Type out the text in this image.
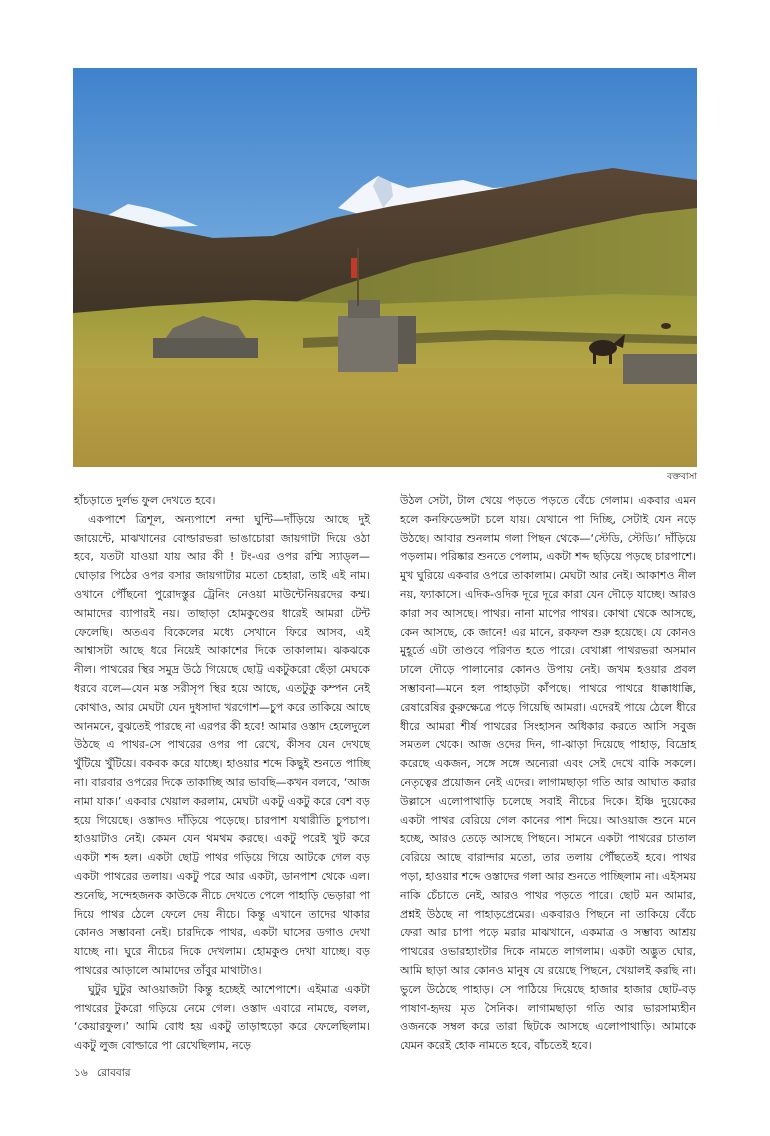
বক্তবাসা

হাঁচড়াতে দুর্লভ ফুল দেখতে হবে।

একপাশে ত্রিশূল, অন্যপাশে নন্দা ঘুন্টি—দাঁড়িয়ে আছে দুই জায়েন্টে, মাঝখানের বোল্ডারভরা ভাঙাচোরা জায়গাটা দিয়ে ওঠা হবে, যতটা যাওয়া যায় আর কী ! টং-এর ওপর রশ্মি স্যাড্‌ল—ঘোড়ার পিঠের ওপর বসার জায়গাটার মতো চেহারা, তাই এই নাম। ওখানে পৌঁছনো পুরোদস্তুর ট্রেনিং নেওয়া মাউন্টেনিয়রদের কম্ম। আমাদের ব্যাপারই নয়। তাছাড়া হোমকুণ্ডের ধারেই আমরা টেন্ট ফেলেছি। অতএব বিকেলের মধ্যে সেখানে ফিরে আসব, এই আশ্বাসটা আছে ধরে নিয়েই আকাশের দিকে তাকালাম। ঝকঝকে নীল। পাথরের স্থির সমুদ্র উঠে গিয়েছে ছোট্ট একটুকরো ছেঁড়া মেঘকে ধরবে বলে—যেন মস্ত সরীসৃপ স্থির হয়ে আছে, এতটুকু কম্পন নেই কোথাও, আর মেঘটা যেন দুধসাদা খরগোশ—চুপ করে তাকিয়ে আছে আনমনে, বুঝতেই পারছে না এরপর কী হবে! আমার ওস্তাদ হেলেদুলে উঠছে এ পাথর-সে পাথরের ওপর পা রেখে, কীসব যেন দেখছে খুঁটিয়ে খুঁটিয়ে। বকবক করে যাচ্ছে। হাওয়ার শব্দে কিছুই শুনতে পাচ্ছি না। বারবার ওপরের দিকে তাকাচ্ছি আর ভাবছি—কখন বলবে, ‘আজ নামা যাক।’ একবার খেয়াল করলাম, মেঘটা একটু একটু করে বেশ বড় হয়ে গিয়েছে। ওস্তাদও দাঁড়িয়ে পড়েছে। চারপাশ যথারীতি চুপচাপ। হাওয়াটাও নেই। কেমন যেন থমথম করছে। একটু পরেই খুট করে একটা শব্দ হল। একটা ছোট্ট পাথর গড়িয়ে গিয়ে আটকে গেল বড় একটা পাথরের তলায়। একটু পরে আর একটা, ডানপাশ থেকে এল। শুনেছি, সন্দেহজনক কাউকে নীচে দেখতে পেলে পাহাড়ি ভেড়ারা পা দিয়ে পাথর ঠেলে ফেলে দেয় নীচে। কিন্তু এখানে তাদের থাকার কোনও সম্ভাবনা নেই। চারদিকে পাথর, একটা ঘাসের ডগাও দেখা যাচ্ছে না। ঘুরে নীচের দিকে দেখলাম। হোমকুণ্ড দেখা যাচ্ছে। বড় পাথরের আড়ালে আমাদের তাঁবুর মাথাটাও।

ঘুটুর ঘুটুর আওয়াজটা কিন্তু হচ্ছেই আশেপাশে। এইমাত্র একটা পাথরের টুকরো গড়িয়ে নেমে গেল। ওস্তাদ এবারে নামছে, বলল, ‘কেয়ারফুল।’ আমি বোধ হয় একটু তাড়াহুড়ো করে ফেলেছিলাম। একটু লুজ বোল্ডারে পা রেখেছিলাম, নড়ে

উঠল সেটা, টাল খেয়ে পড়তে পড়তে বেঁচে গেলাম। একবার এমন হলে কনফিডেন্সটা চলে যায়। যেখানে পা দিচ্ছি, সেটাই যেন নড়ে উঠছে। আবার শুনলাম গলা পিছন থেকে—‘স্টেডি, স্টেডি।’ দাঁড়িয়ে পড়লাম। পরিষ্কার শুনতে পেলাম, একটা শব্দ ছড়িয়ে পড়ছে চারপাশে। মুখ ঘুরিয়ে একবার ওপরে তাকালাম। মেঘটা আর নেই। আকাশও নীল নয়, ফ্যাকাসে। এদিক-ওদিক দূরে দূরে কারা যেন দৌড়ে যাচ্ছে। আরও কারা সব আসছে। পাথর। নানা মাপের পাথর। কোথা থেকে আসছে, কেন আসছে, কে জানে! এর মানে, রকফল শুরু হয়েছে। যে কোনও মুহূর্তে এটা তাণ্ডবে পরিণত হতে পারে। বেখাপ্পা পাথরভরা অসমান ঢালে দৌড়ে পালানোর কোনও উপায় নেই। জখম হওয়ার প্রবল সম্ভাবনা—মনে হল পাহাড়টা কাঁপছে। পাথরে পাথরে ধাক্কাধাক্কি, রেষারেষির কুরুক্ষেত্রে পড়ে গিয়েছি আমরা। এদেরই পায়ে ঠেলে ধীরে ধীরে আমরা শীর্ষ পাথরের সিংহাসন অধিকার করতে আসি সবুজ সমতল থেকে। আজ ওদের দিন, গা-ঝাড়া দিয়েছে পাহাড়, বিদ্রোহ করেছে একজন, সঙ্গে সঙ্গে অন্যেরা এবং সেই দেখে বাকি সকলে। নেতৃত্বের প্রয়োজন নেই এদের। লাগামছাড়া গতি আর আঘাত করার উল্লাসে এলোপাথাড়ি চলেছে সবাই নীচের দিকে। ইঞ্চি দুয়েকের একটা পাথর বেরিয়ে গেল কানের পাশ দিয়ে। আওয়াজ শুনে মনে হচ্ছে, আরও তেড়ে আসছে পিছনে। সামনে একটা পাথরের চাতাল বেরিয়ে আছে বারান্দার মতো, তার তলায় পৌঁছতেই হবে। পাথর পড়া, হাওয়ার শব্দে ওস্তাদের গলা আর শুনতে পাচ্ছিলাম না। এইসময় নাকি চেঁচাতে নেই, আরও পাথর পড়তে পারে। ছোট মন আমার, প্রশ্নই উঠছে না পাহাড়প্রেমের। একবারও পিছনে না তাকিয়ে বেঁচে ফেরা আর চাপা পড়ে মরার মাঝখানে, একমাত্র ও সম্ভাব্য আশ্রয় পাথরের ওভারহ্যাংটার দিকে নামতে লাগলাম। একটা অদ্ভুত ঘোর, আমি ছাড়া আর কোনও মানুষ যে রয়েছে পিছনে, খেয়ালই করছি না। ভুলে উঠেছে পাহাড়। সে পাঠিয়ে দিয়েছে হাজার হাজার ছোট-বড় পাষাণ-হৃদয় মৃত সৈনিক। লাগামছাড়া গতি আর ভারসাম্যহীন ওজনকে সম্বল করে তারা ছিটকে আসছে এলোপাথাড়ি। আমাকে যেমন করেই হোক নামতে হবে, বাঁচতেই হবে।

১৬ রোববার
